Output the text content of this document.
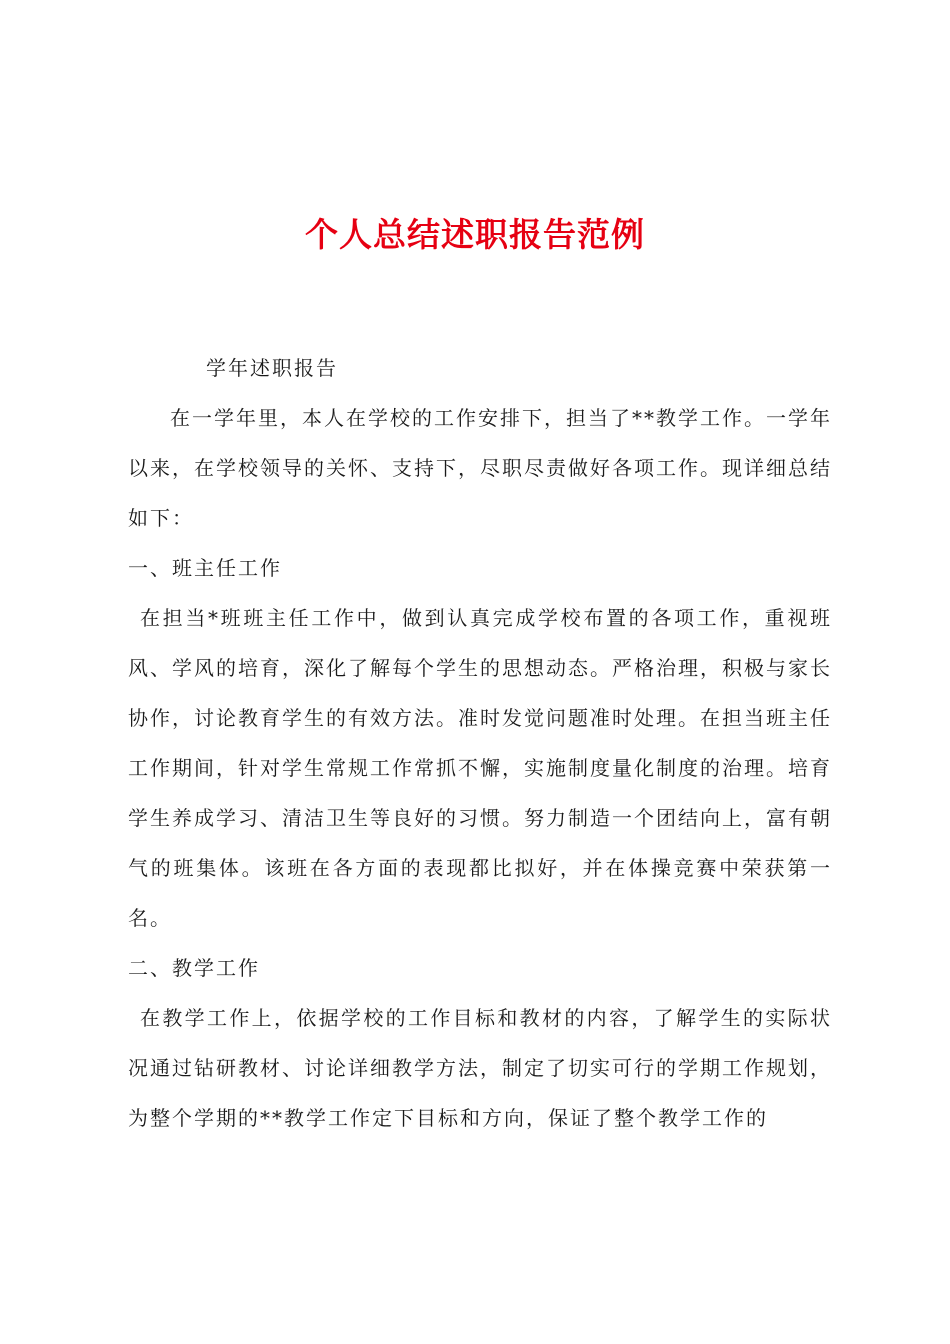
个人总结述职报告范例

学年述职报告

在一学年里，本人在学校的工作安排下，担当了**教学工作。一学年以来，在学校领导的关怀、支持下，尽职尽责做好各项工作。现详细总结如下：

一、班主任工作

在担当*班班主任工作中，做到认真完成学校布置的各项工作，重视班风、学风的培育，深化了解每个学生的思想动态。严格治理，积极与家长协作，讨论教育学生的有效方法。准时发觉问题准时处理。在担当班主任工作期间，针对学生常规工作常抓不懈，实施制度量化制度的治理。培育学生养成学习、清洁卫生等良好的习惯。努力制造一个团结向上，富有朝气的班集体。该班在各方面的表现都比拟好，并在体操竞赛中荣获第一名。

二、教学工作

在教学工作上，依据学校的工作目标和教材的内容，了解学生的实际状况通过钻研教材、讨论详细教学方法，制定了切实可行的学期工作规划，为整个学期的**教学工作定下目标和方向，保证了整个教学工作的
